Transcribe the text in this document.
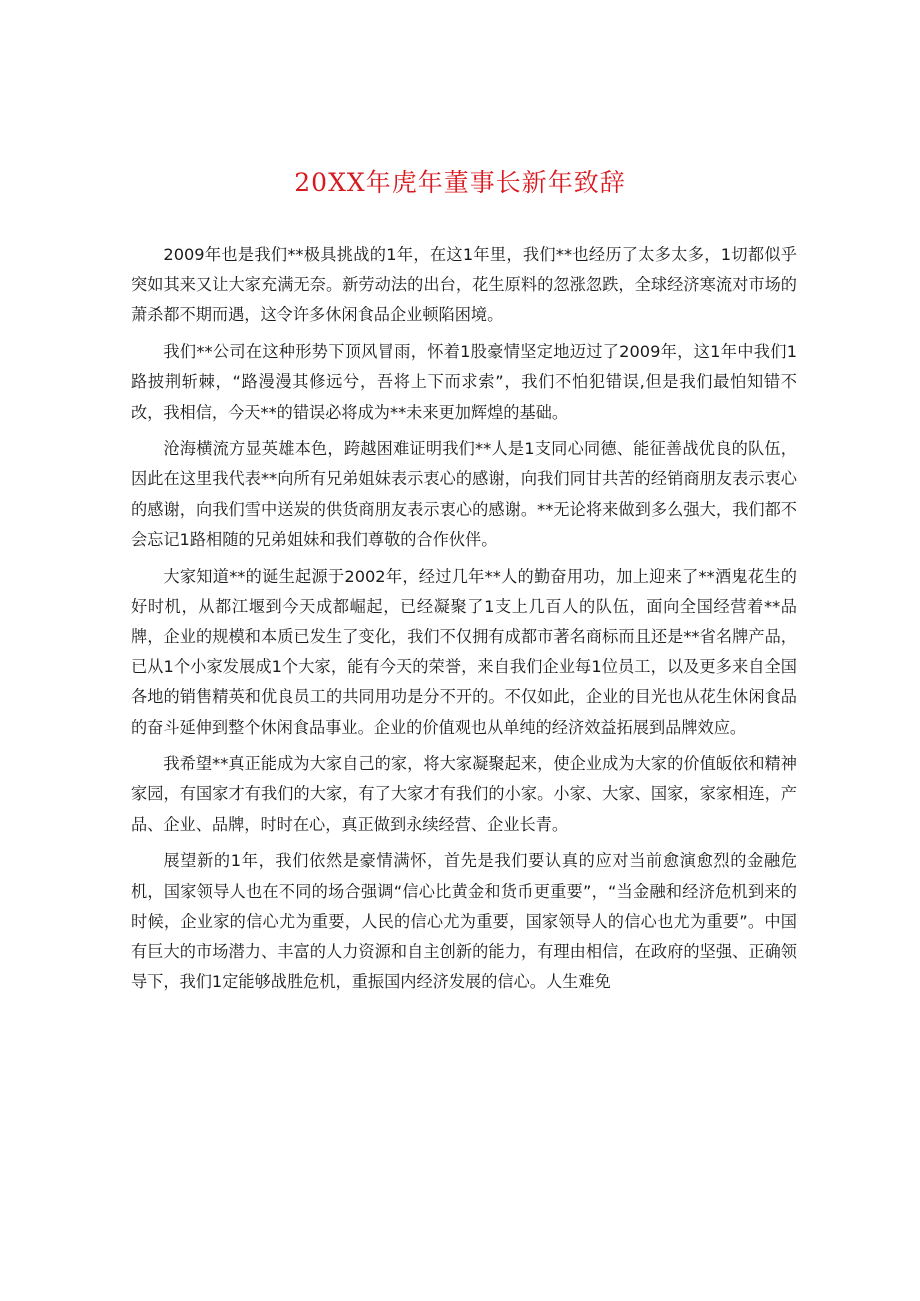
20XX年虎年董事长新年致辞

2009年也是我们**极具挑战的1年，在这1年里，我们**也经历了太多太多，1切都似乎突如其来又让大家充满无奈。新劳动法的出台，花生原料的忽涨忽跌，全球经济寒流对市场的萧杀都不期而遇，这令许多休闲食品企业顿陷困境。

我们**公司在这种形势下顶风冒雨，怀着1股豪情坚定地迈过了2009年，这1年中我们1路披荆斩棘，“路漫漫其修远兮，吾将上下而求索”，我们不怕犯错误,但是我们最怕知错不改，我相信，今天**的错误必将成为**未来更加辉煌的基础。

沧海横流方显英雄本色，跨越困难证明我们**人是1支同心同德、能征善战优良的队伍，因此在这里我代表**向所有兄弟姐妹表示衷心的感谢，向我们同甘共苦的经销商朋友表示衷心的感谢，向我们雪中送炭的供货商朋友表示衷心的感谢。**无论将来做到多么强大，我们都不会忘记1路相随的兄弟姐妹和我们尊敬的合作伙伴。

大家知道**的诞生起源于2002年，经过几年**人的勤奋用功，加上迎来了**酒鬼花生的好时机，从都江堰到今天成都崛起，已经凝聚了1支上几百人的队伍，面向全国经营着**品牌，企业的规模和本质已发生了变化，我们不仅拥有成都市著名商标而且还是**省名牌产品，已从1个小家发展成1个大家，能有今天的荣誉，来自我们企业每1位员工，以及更多来自全国各地的销售精英和优良员工的共同用功是分不开的。不仅如此，企业的目光也从花生休闲食品的奋斗延伸到整个休闲食品事业。企业的价值观也从单纯的经济效益拓展到品牌效应。

我希望**真正能成为大家自己的家，将大家凝聚起来，使企业成为大家的价值皈依和精神家园，有国家才有我们的大家，有了大家才有我们的小家。小家、大家、国家，家家相连，产品、企业、品牌，时时在心，真正做到永续经营、企业长青。

展望新的1年，我们依然是豪情满怀，首先是我们要认真的应对当前愈演愈烈的金融危机，国家领导人也在不同的场合强调“信心比黄金和货币更重要”，“当金融和经济危机到来的时候，企业家的信心尤为重要，人民的信心尤为重要，国家领导人的信心也尤为重要”。中国有巨大的市场潜力、丰富的人力资源和自主创新的能力，有理由相信，在政府的坚强、正确领导下，我们1定能够战胜危机，重振国内经济发展的信心。人生难免
